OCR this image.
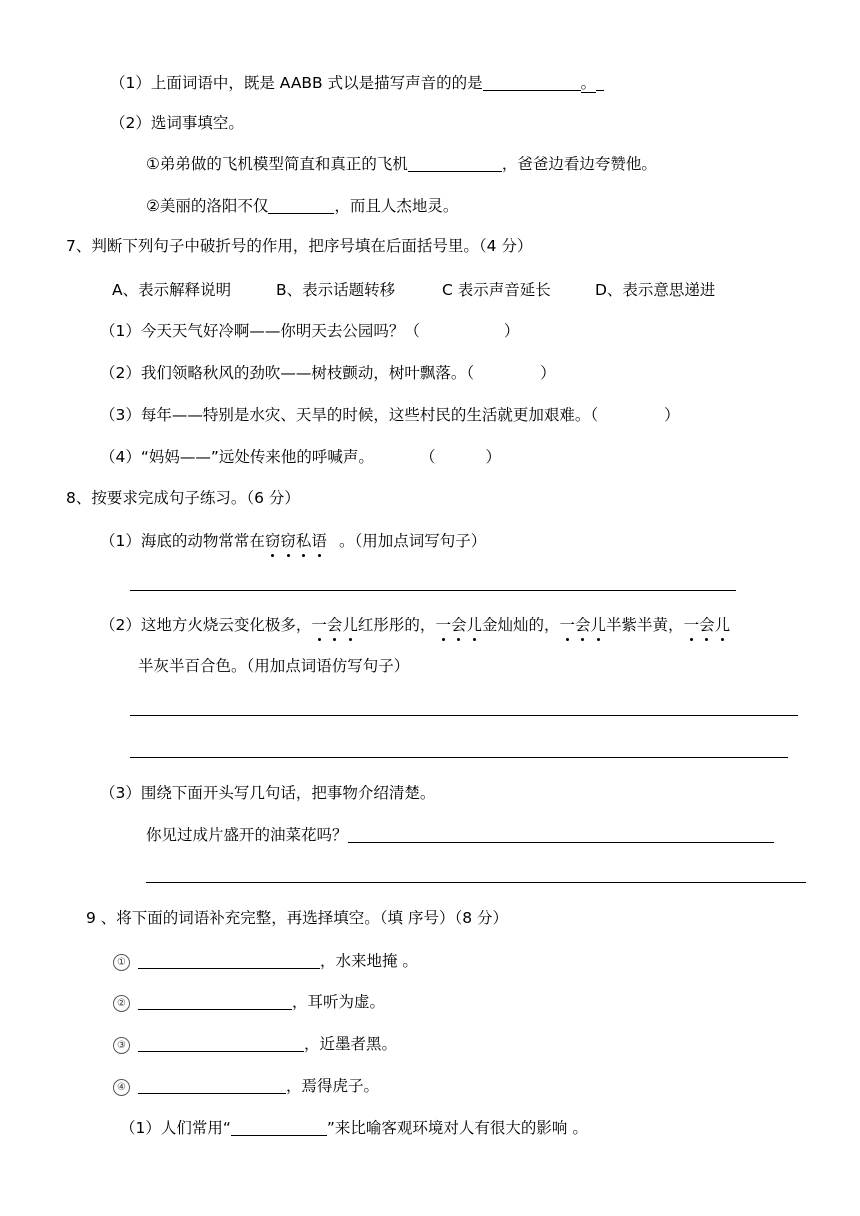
（1）上面词语中，既是 AABB 式以是描写声音的的是	。
（2）选词事填空。
①弟弟做的飞机模型简直和真正的飞机	，爸爸边看边夸赞他。
②美丽的洛阳不仅	，而且人杰地灵。
7、判断下列句子中破折号的作用，把序号填在后面括号里。（4 分）
A、表示解释说明	B、表示话题转移	C 表示声音延长	D、表示意思递进
（1）今天天气好冷啊——你明天去公园吗？（	）
（2）我们领略秋风的劲吹——树枝颤动，树叶飘落。（	）
（3）每年——特别是水灾、天旱的时候，这些村民的生活就更加艰难。（	）
（4）“妈妈——”远处传来他的呼喊声。	（	）
8、按要求完成句子练习。（6 分）
（1）海底的动物常常在窃窃私语 。（用加点词写句子）
（2）这地方火烧云变化极多，一会儿红彤彤的，一会儿金灿灿的，一会儿半紫半黄，一会儿
半灰半百合色。（用加点词语仿写句子）
（3）围绕下面开头写几句话，把事物介绍清楚。
你见过成片盛开的油菜花吗？
9 、将下面的词语补充完整，再选择填空。（填 序号）（8 分）
①	，水来地掩 。
②	，耳听为虚。
③	，近墨者黑。
④	，焉得虎子。
（1）人们常用“	”来比喻客观环境对人有很大的影响 。
